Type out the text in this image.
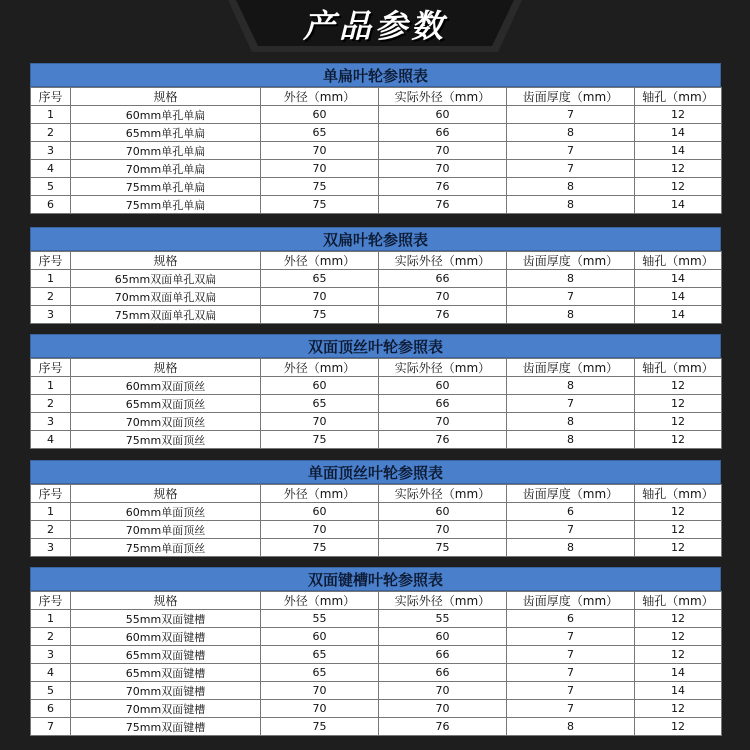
产品参数
单扁叶轮参照表
序号	规格	外径（mm）	实际外径（mm）	齿面厚度（mm）	轴孔（mm）
1	60mm单孔单扁	60	60	7	12
2	65mm单孔单扁	65	66	8	14
3	70mm单孔单扁	70	70	7	14
4	70mm单孔单扁	70	70	7	12
5	75mm单孔单扁	75	76	8	12
6	75mm单孔单扁	75	76	8	14
双扁叶轮参照表
序号	规格	外径（mm）	实际外径（mm）	齿面厚度（mm）	轴孔（mm）
1	65mm双面单孔双扁	65	66	8	14
2	70mm双面单孔双扁	70	70	7	14
3	75mm双面单孔双扁	75	76	8	14
双面顶丝叶轮参照表
序号	规格	外径（mm）	实际外径（mm）	齿面厚度（mm）	轴孔（mm）
1	60mm双面顶丝	60	60	8	12
2	65mm双面顶丝	65	66	7	12
3	70mm双面顶丝	70	70	8	12
4	75mm双面顶丝	75	76	8	12
单面顶丝叶轮参照表
序号	规格	外径（mm）	实际外径（mm）	齿面厚度（mm）	轴孔（mm）
1	60mm单面顶丝	60	60	6	12
2	70mm单面顶丝	70	70	7	12
3	75mm单面顶丝	75	75	8	12
双面键槽叶轮参照表
序号	规格	外径（mm）	实际外径（mm）	齿面厚度（mm）	轴孔（mm）
1	55mm双面键槽	55	55	6	12
2	60mm双面键槽	60	60	7	12
3	65mm双面键槽	65	66	7	12
4	65mm双面键槽	65	66	7	14
5	70mm双面键槽	70	70	7	14
6	70mm双面键槽	70	70	7	12
7	75mm双面键槽	75	76	8	12
